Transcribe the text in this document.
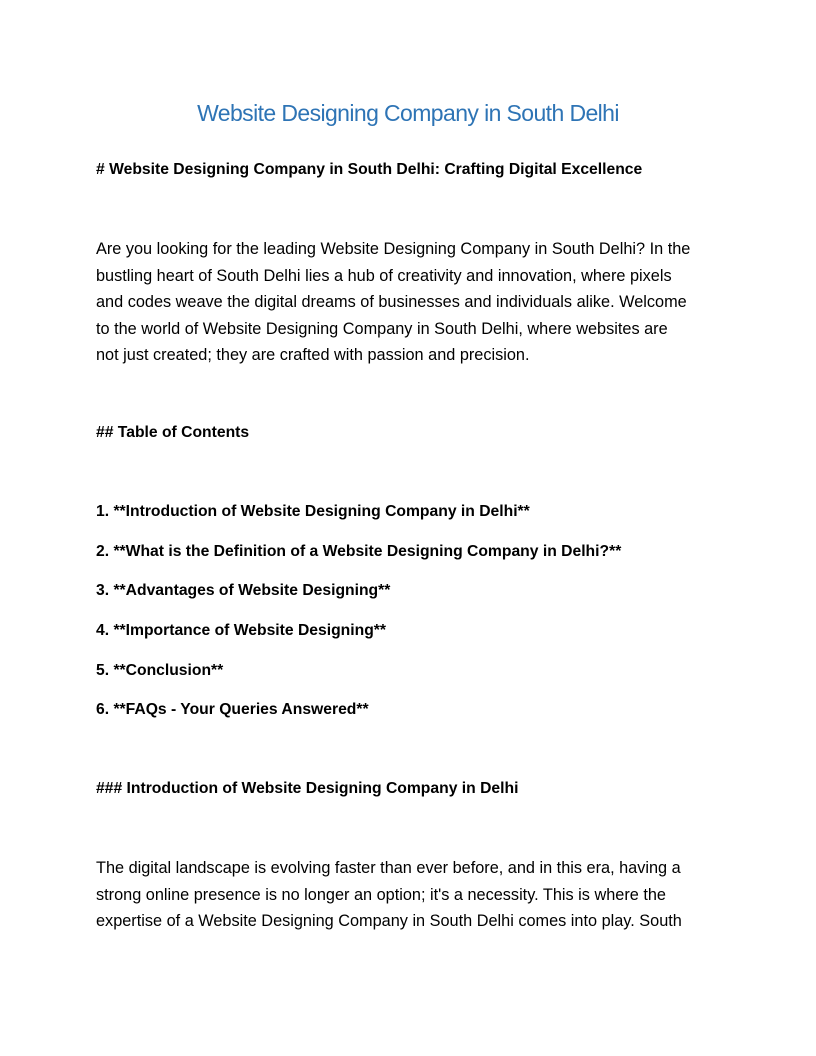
Website Designing Company in South Delhi
# Website Designing Company in South Delhi: Crafting Digital Excellence
Are you looking for the leading Website Designing Company in South Delhi? In the
bustling heart of South Delhi lies a hub of creativity and innovation, where pixels
and codes weave the digital dreams of businesses and individuals alike. Welcome
to the world of Website Designing Company in South Delhi, where websites are
not just created; they are crafted with passion and precision.
## Table of Contents
1. **Introduction of Website Designing Company in Delhi**
2. **What is the Definition of a Website Designing Company in Delhi?**
3. **Advantages of Website Designing**
4. **Importance of Website Designing**
5. **Conclusion**
6. **FAQs - Your Queries Answered**
### Introduction of Website Designing Company in Delhi
The digital landscape is evolving faster than ever before, and in this era, having a
strong online presence is no longer an option; it's a necessity. This is where the
expertise of a Website Designing Company in South Delhi comes into play. South
